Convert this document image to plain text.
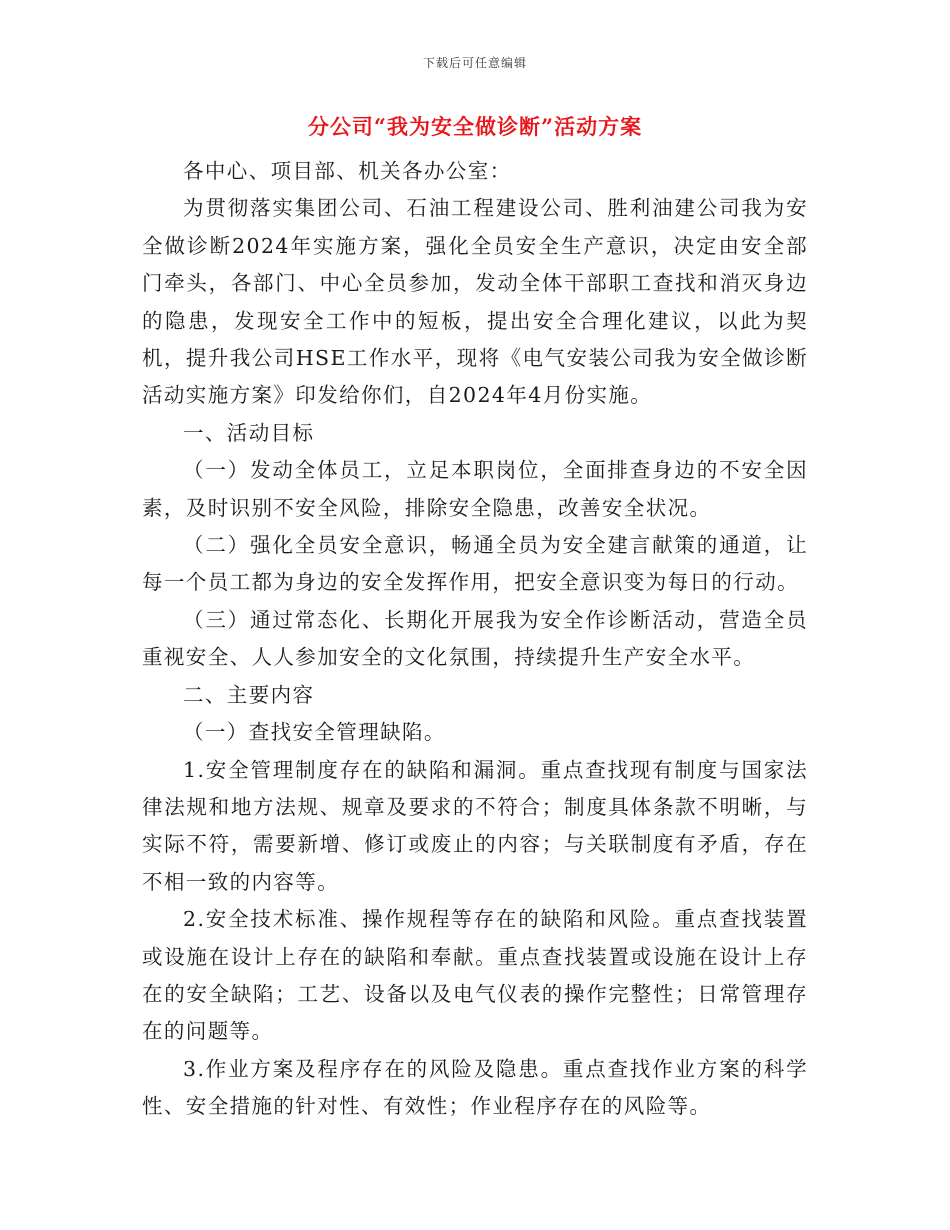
下载后可任意编辑
分公司“我为安全做诊断”活动方案

各中心、项目部、机关各办公室：

为贯彻落实集团公司、石油工程建设公司、胜利油建公司我为安全做诊断2024年实施方案，强化全员安全生产意识，决定由安全部门牵头，各部门、中心全员参加，发动全体干部职工查找和消灭身边的隐患，发现安全工作中的短板，提出安全合理化建议，以此为契机，提升我公司HSE工作水平，现将《电气安装公司我为安全做诊断活动实施方案》印发给你们，自2024年4月份实施。

一、活动目标

（一）发动全体员工，立足本职岗位，全面排查身边的不安全因素，及时识别不安全风险，排除安全隐患，改善安全状况。

（二）强化全员安全意识，畅通全员为安全建言献策的通道，让每一个员工都为身边的安全发挥作用，把安全意识变为每日的行动。

（三）通过常态化、长期化开展我为安全作诊断活动，营造全员重视安全、人人参加安全的文化氛围，持续提升生产安全水平。

二、主要内容

（一）查找安全管理缺陷。

1.安全管理制度存在的缺陷和漏洞。重点查找现有制度与国家法律法规和地方法规、规章及要求的不符合；制度具体条款不明晰，与实际不符，需要新增、修订或废止的内容；与关联制度有矛盾，存在不相一致的内容等。

2.安全技术标准、操作规程等存在的缺陷和风险。重点查找装置或设施在设计上存在的缺陷和奉献。重点查找装置或设施在设计上存在的安全缺陷；工艺、设备以及电气仪表的操作完整性；日常管理存在的问题等。

3.作业方案及程序存在的风险及隐患。重点查找作业方案的科学性、安全措施的针对性、有效性；作业程序存在的风险等。
